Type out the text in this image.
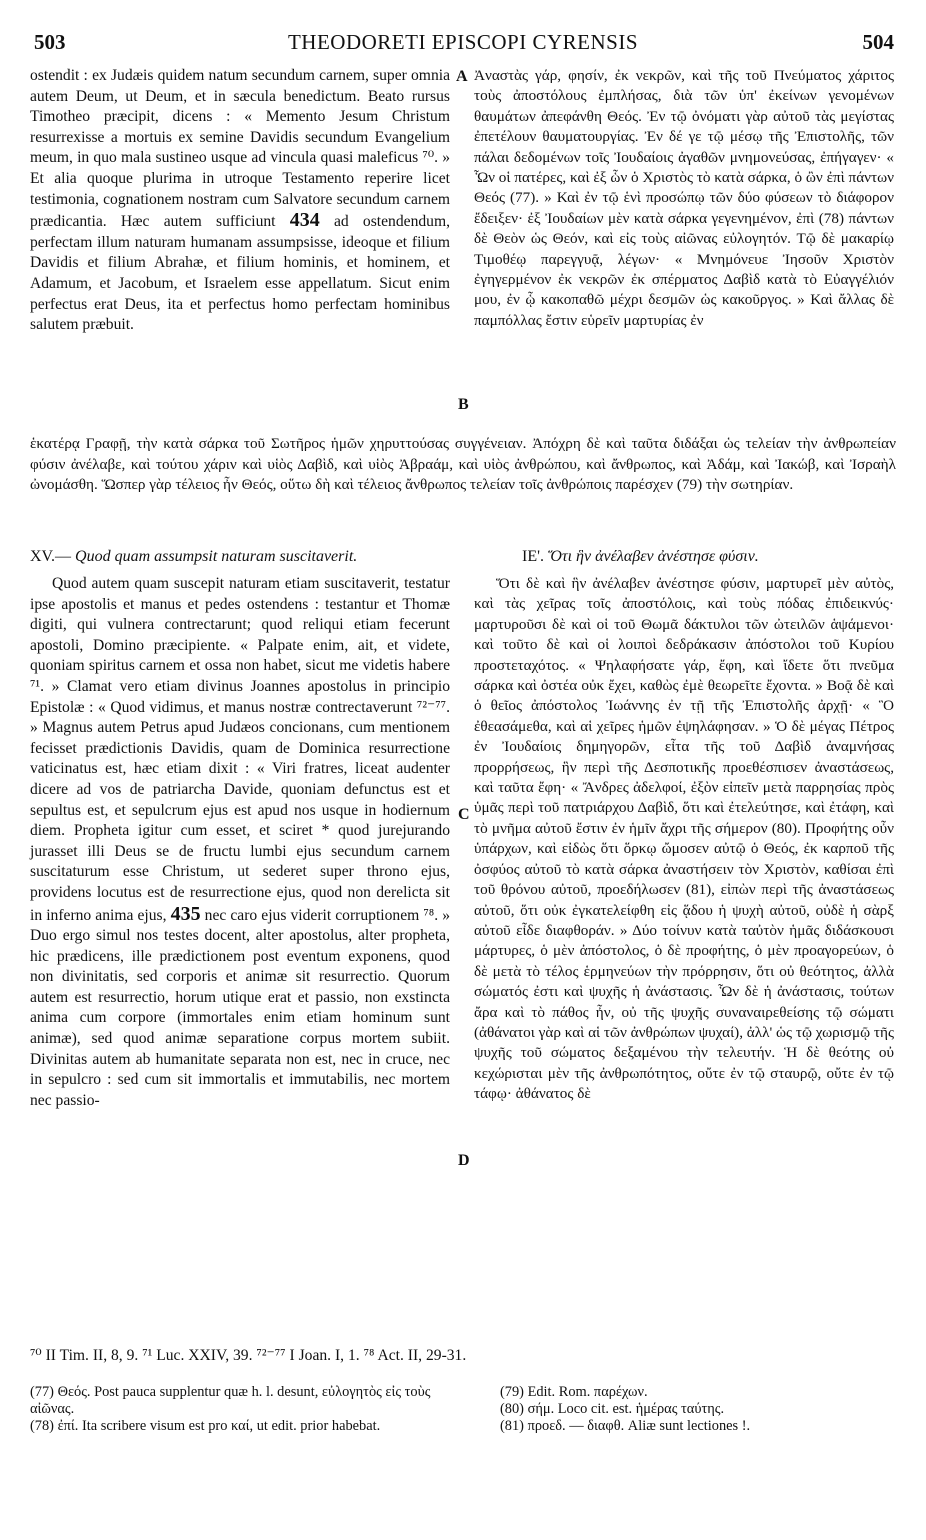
503	THEODORETI EPISCOPI CYRENSIS	504

ostendit : ex Judæis quidem natum secundum carnem, super omnia autem Deum, ut Deum, et in sæcula benedictum. Beato rursus Timotheo præcipit, dicens : « Memento Jesum Christum resurrexisse a mortuis ex semine Davidis secundum Evangelium meum, in quo mala sustineo usque ad vincula quasi maleficus ⁷⁰. » Et alia quoque plurima in utroque Testamento reperire licet testimonia, cognationem nostram cum Salvatore secundum carnem prædicantia. Hæc autem sufficiunt 434 ad ostendendum, perfectam illum naturam humanam assumpsisse, ideoque et filium Davidis et filium Abrahæ, et filium hominis, et hominem, et Adamum, et Jacobum, et Israelem esse appellatum. Sicut enim perfectus erat Deus, ita et perfectus homo perfectam hominibus salutem præbuit.

A
B

Ἀναστὰς γάρ, φησίν, ἐκ νεκρῶν, καὶ τῆς τοῦ Πνεύματος χάριτος τοὺς ἀποστόλους ἐμπλήσας, διὰ τῶν ὑπ' ἐκείνων γενομένων θαυμάτων ἀπεφάνθη Θεός. Ἐν τῷ ὀνόματι γὰρ αὐτοῦ τὰς μεγίστας ἐπετέλουν θαυματουργίας. Ἐν δέ γε τῷ μέσῳ τῆς Ἐπιστολῆς, τῶν πάλαι δεδομένων τοῖς Ἰουδαίοις ἀγαθῶν μνημονεύσας, ἐπήγαγεν· « Ὧν οἱ πατέρες, καὶ ἐξ ὧν ὁ Χριστὸς τὸ κατὰ σάρκα, ὁ ὢν ἐπὶ πάντων Θεός (77). » Καὶ ἐν τῷ ἑνὶ προσώπῳ τῶν δύο φύσεων τὸ διάφορον ἔδειξεν· ἐξ Ἰουδαίων μὲν κατὰ σάρκα γεγενημένον, ἐπὶ (78) πάντων δὲ Θεὸν ὡς Θεόν, καὶ εἰς τοὺς αἰῶνας εὐλογητόν. Τῷ δὲ μακαρίῳ Τιμοθέῳ παρεγγυᾷ, λέγων· « Μνημόνευε Ἰησοῦν Χριστὸν ἐγηγερμένον ἐκ νεκρῶν ἐκ σπέρματος Δαβὶδ κατὰ τὸ Εὐαγγέλιόν μου, ἐν ᾧ κακοπαθῶ μέχρι δεσμῶν ὡς κακοῦργος. » Καὶ ἄλλας δὲ παμπόλλας ἔστιν εὑρεῖν μαρτυρίας ἐν

ἑκατέρᾳ Γραφῇ, τὴν κατὰ σάρκα τοῦ Σωτῆρος ἡμῶν χηρυττούσας συγγένειαν. Ἀπόχρη δὲ καὶ ταῦτα διδάξαι ὡς τελείαν τὴν ἀνθρωπείαν φύσιν ἀνέλαβε, καὶ τούτου χάριν καὶ υἱὸς Δαβὶδ, καὶ υἱὸς Ἀβραάμ, καὶ υἱὸς ἀνθρώπου, καὶ ἄνθρωπος, καὶ Ἀδάμ, καὶ Ἰακώβ, καὶ Ἰσραὴλ ὠνομάσθη. Ὥσπερ γὰρ τέλειος ἦν Θεός, οὕτω δὴ καὶ τέλειος ἄνθρωπος τελείαν τοῖς ἀνθρώποις παρέσχεν (79) τὴν σωτηρίαν.

XV.— Quod quam assumpsit naturam suscitaverit.	ΙΕ'. Ὅτι ἣν ἀνέλαβεν ἀνέστησε φύσιν.

Quod autem quam suscepit naturam etiam suscitaverit, testatur ipse apostolis et manus et pedes ostendens : testantur et Thomæ digiti, qui vulnera contrectarunt; quod reliqui etiam fecerunt apostoli, Domino præcipiente. « Palpate enim, ait, et videte, quoniam spiritus carnem et ossa non habet, sicut me videtis habere ⁷¹. » Clamat vero etiam divinus Joannes apostolus in principio Epistolæ : « Quod vidimus, et manus nostræ contrectaverunt ⁷²⁻⁷⁷. » Magnus autem Petrus apud Judæos concionans, cum mentionem fecisset prædictionis Davidis, quam de Dominica resurrectione vaticinatus est, hæc etiam dixit : « Viri fratres, liceat audenter dicere ad vos de patriarcha Davide, quoniam defunctus est et sepultus est, et sepulcrum ejus est apud nos usque in hodiernum diem. Propheta igitur cum esset, et sciret * quod jurejurando jurasset illi Deus se de fructu lumbi ejus secundum carnem suscitaturum esse Christum, ut sederet super throno ejus, providens locutus est de resurrectione ejus, quod non derelicta sit in inferno anima ejus, 435 nec caro ejus viderit corruptionem ⁷⁸. » Duo ergo simul nos testes docent, alter apostolus, alter propheta, hic prædicens, ille prædictionem post eventum exponens, quod non divinitatis, sed corporis et animæ sit resurrectio. Quorum autem est resurrectio, horum utique erat et passio, non exstincta anima cum corpore (immortales enim etiam hominum sunt animæ), sed quod animæ separatione corpus mortem subiit. Divinitas autem ab humanitate separata non est, nec in cruce, nec in sepulcro : sed cum sit immortalis et immutabilis, nec mortem nec passio-

C
D

Ὅτι δὲ καὶ ἣν ἀνέλαβεν ἀνέστησε φύσιν, μαρτυρεῖ μὲν αὐτὸς, καὶ τὰς χεῖρας τοῖς ἀποστόλοις, καὶ τοὺς πόδας ἐπιδεικνύς· μαρτυροῦσι δὲ καὶ οἱ τοῦ Θωμᾶ δάκτυλοι τῶν ὠτειλῶν ἁψάμενοι· καὶ τοῦτο δὲ καὶ οἱ λοιποὶ δεδράκασιν ἀπόστολοι τοῦ Κυρίου προστεταχότος. « Ψηλαφήσατε γάρ, ἔφη, καὶ ἴδετε ὅτι πνεῦμα σάρκα καὶ ὀστέα οὐκ ἔχει, καθὼς ἐμὲ θεωρεῖτε ἔχοντα. » Βοᾷ δὲ καὶ ὁ θεῖος ἀπόστολος Ἰωάννης ἐν τῇ τῆς Ἐπιστολῆς ἀρχῇ· « Ὃ ἐθεασάμεθα, καὶ αἱ χεῖρες ἡμῶν ἐψηλάφησαν. » Ὁ δὲ μέγας Πέτρος ἐν Ἰουδαίοις δημηγορῶν, εἶτα τῆς τοῦ Δαβὶδ ἀναμνήσας προρρήσεως, ἣν περὶ τῆς Δεσποτικῆς προεθέσπισεν ἀναστάσεως, καὶ ταῦτα ἔφη· « Ἄνδρες ἀδελφοί, ἐξὸν εἰπεῖν μετὰ παρρησίας πρὸς ὑμᾶς περὶ τοῦ πατριάρχου Δαβὶδ, ὅτι καὶ ἐτελεύτησε, καὶ ἐτάφη, καὶ τὸ μνῆμα αὐτοῦ ἔστιν ἐν ἡμῖν ἄχρι τῆς σήμερον (80). Προφήτης οὖν ὑπάρχων, καὶ εἰδὼς ὅτι ὅρκῳ ὤμοσεν αὐτῷ ὁ Θεός, ἐκ καρποῦ τῆς ὀσφύος αὐτοῦ τὸ κατὰ σάρκα ἀναστήσειν τὸν Χριστὸν, καθίσαι ἐπὶ τοῦ θρόνου αὐτοῦ, προεδήλωσεν (81), εἰπὼν περὶ τῆς ἀναστάσεως αὐτοῦ, ὅτι οὐκ ἐγκατελείφθη εἰς ᾅδου ἡ ψυχὴ αὐτοῦ, οὐδὲ ἡ σὰρξ αὐτοῦ εἶδε διαφθοράν. » Δύο τοίνυν κατὰ ταὐτὸν ἡμᾶς διδάσκουσι μάρτυρες, ὁ μὲν ἀπόστολος, ὁ δὲ προφήτης, ὁ μὲν προαγορεύων, ὁ δὲ μετὰ τὸ τέλος ἑρμηνεύων τὴν πρόρρησιν, ὅτι οὐ θεότητος, ἀλλὰ σώματός ἐστι καὶ ψυχῆς ἡ ἀνάστασις. Ὧν δὲ ἡ ἀνάστασις, τούτων ἄρα καὶ τὸ πάθος ἦν, οὐ τῆς ψυχῆς συναναιρεθείσης τῷ σώματι (ἀθάνατοι γὰρ καὶ αἱ τῶν ἀνθρώπων ψυχαί), ἀλλ' ὡς τῷ χωρισμῷ τῆς ψυχῆς τοῦ σώματος δεξαμένου τὴν τελευτήν. Ἡ δὲ θεότης οὐ κεχώρισται μὲν τῆς ἀνθρωπότητος, οὔτε ἐν τῷ σταυρῷ, οὔτε ἐν τῷ τάφῳ· ἀθάνατος δὲ

⁷⁰ II Tim. II, 8, 9. ⁷¹ Luc. XXIV, 39. ⁷²⁻⁷⁷ I Joan. I, 1. ⁷⁸ Act. II, 29-31.

(77) Θεός. Post pauca supplentur quæ h. l. desunt, εὐλογητὸς εἰς τοὺς αἰῶνας.

(78) ἐπί. Ita scribere visum est pro καί, ut edit. prior habebat.

(79) Edit. Rom. παρέχων.

(80) σήμ. Loco cit. est. ἡμέρας ταύτης.

(81) προεδ. — διαφθ. Aliæ sunt lectiones !.
